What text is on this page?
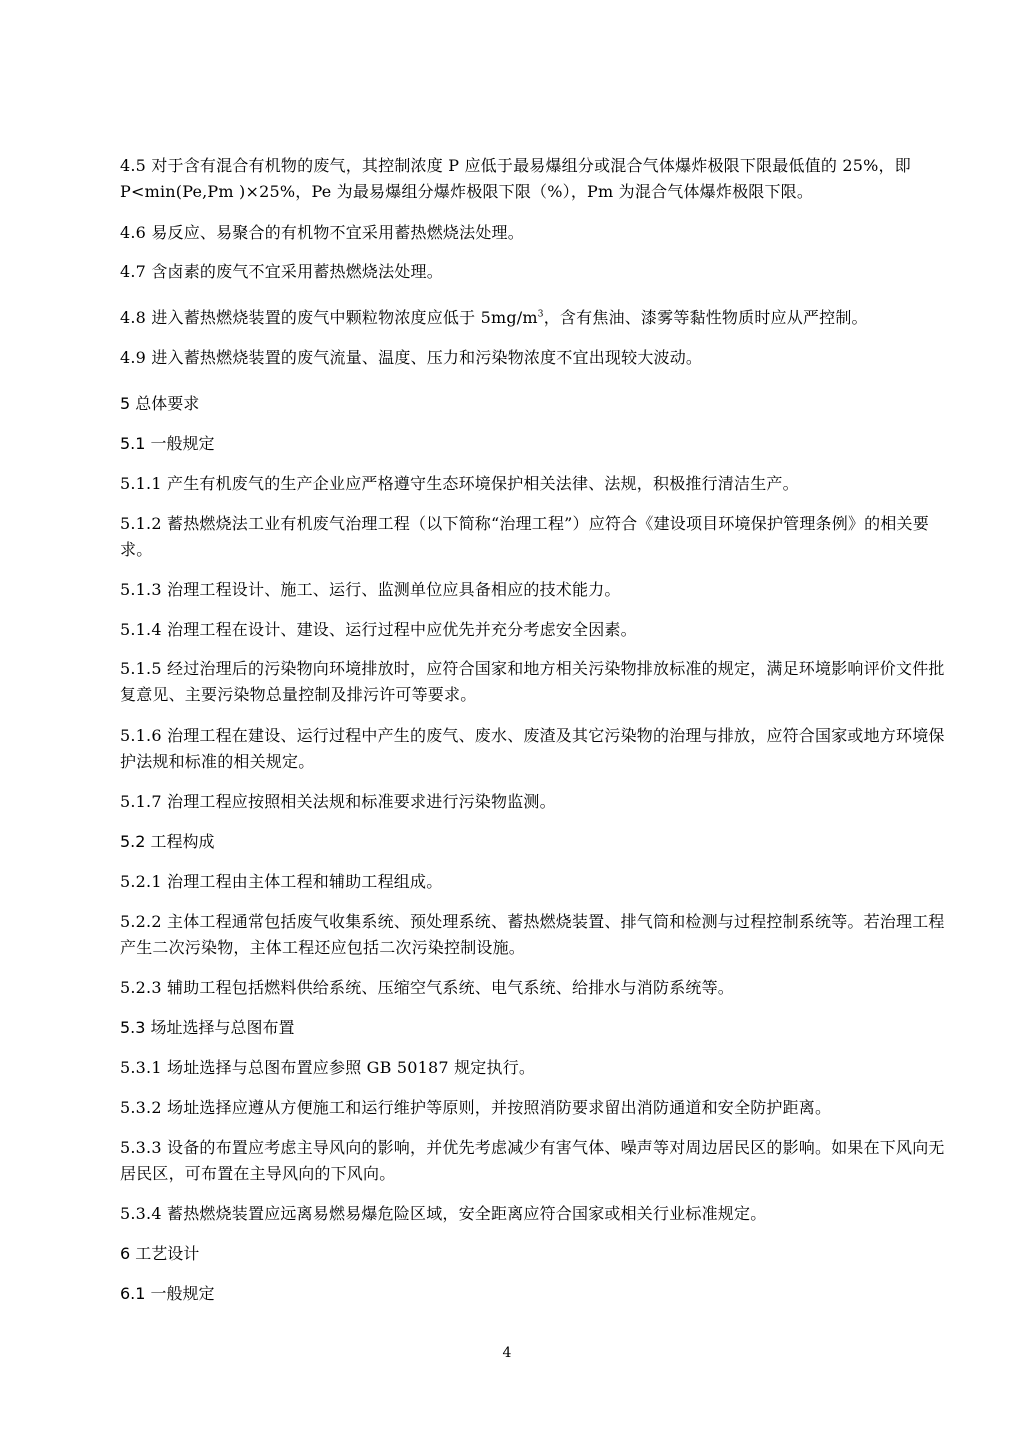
4.5 对于含有混合有机物的废气，其控制浓度 P 应低于最易爆组分或混合气体爆炸极限下限最低值的 25%，即 P<min(Pe,Pm )×25%，Pe 为最易爆组分爆炸极限下限（%），Pm 为混合气体爆炸极限下限。

4.6 易反应、易聚合的有机物不宜采用蓄热燃烧法处理。

4.7 含卤素的废气不宜采用蓄热燃烧法处理。

4.8 进入蓄热燃烧装置的废气中颗粒物浓度应低于 $5mg/m^3$，含有焦油、漆雾等黏性物质时应从严控制。

4.9 进入蓄热燃烧装置的废气流量、温度、压力和污染物浓度不宜出现较大波动。

5 总体要求

5.1 一般规定

5.1.1 产生有机废气的生产企业应严格遵守生态环境保护相关法律、法规，积极推行清洁生产。

5.1.2 蓄热燃烧法工业有机废气治理工程（以下简称“治理工程”）应符合《建设项目环境保护管理条例》的相关要求。

5.1.3 治理工程设计、施工、运行、监测单位应具备相应的技术能力。

5.1.4 治理工程在设计、建设、运行过程中应优先并充分考虑安全因素。

5.1.5 经过治理后的污染物向环境排放时，应符合国家和地方相关污染物排放标准的规定，满足环境影响评价文件批复意见、主要污染物总量控制及排污许可等要求。

5.1.6 治理工程在建设、运行过程中产生的废气、废水、废渣及其它污染物的治理与排放，应符合国家或地方环境保护法规和标准的相关规定。

5.1.7 治理工程应按照相关法规和标准要求进行污染物监测。

5.2 工程构成

5.2.1 治理工程由主体工程和辅助工程组成。

5.2.2 主体工程通常包括废气收集系统、预处理系统、蓄热燃烧装置、排气筒和检测与过程控制系统等。若治理工程产生二次污染物，主体工程还应包括二次污染控制设施。

5.2.3 辅助工程包括燃料供给系统、压缩空气系统、电气系统、给排水与消防系统等。

5.3 场址选择与总图布置

5.3.1 场址选择与总图布置应参照 GB 50187 规定执行。

5.3.2 场址选择应遵从方便施工和运行维护等原则，并按照消防要求留出消防通道和安全防护距离。

5.3.3 设备的布置应考虑主导风向的影响，并优先考虑减少有害气体、噪声等对周边居民区的影响。如果在下风向无居民区，可布置在主导风向的下风向。

5.3.4 蓄热燃烧装置应远离易燃易爆危险区域，安全距离应符合国家或相关行业标准规定。

6 工艺设计

6.1 一般规定

4
